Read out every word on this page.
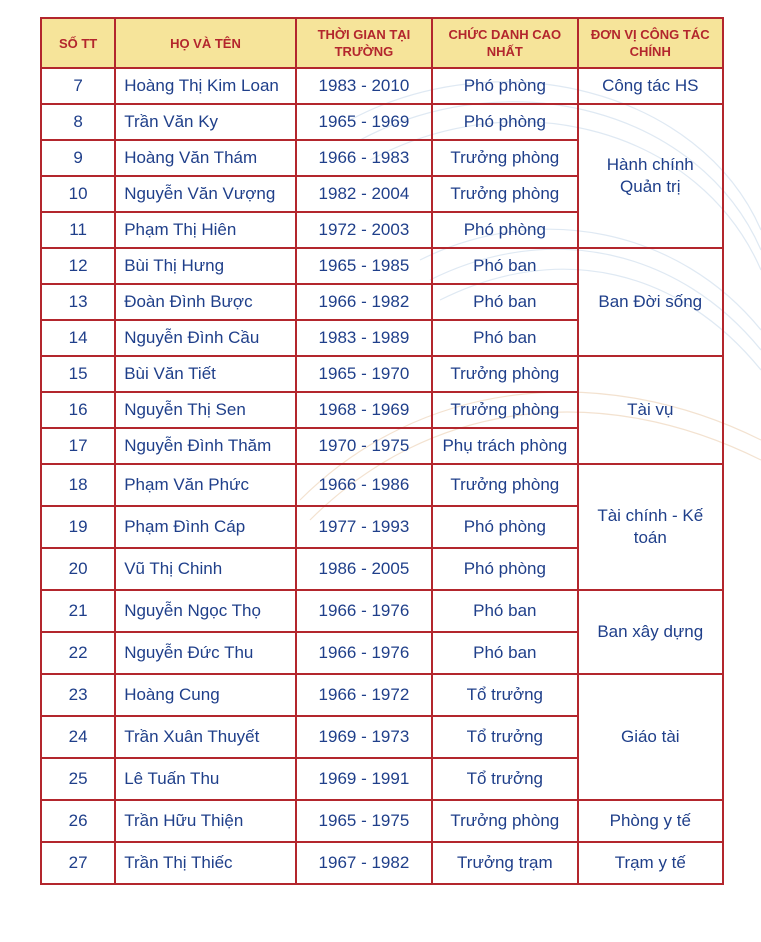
SỐ TT	HỌ VÀ TÊN	THỜI GIAN TẠI TRƯỜNG	CHỨC DANH CAO NHẤT	ĐƠN VỊ CÔNG TÁC CHÍNH
7	Hoàng Thị Kim Loan	1983 - 2010	Phó phòng	Công tác HS
8	Trần Văn Ky	1965 - 1969	Phó phòng	Hành chính Quản trị
9	Hoàng Văn Thám	1966 - 1983	Trưởng phòng	
10	Nguyễn Văn Vượng	1982 - 2004	Trưởng phòng	
11	Phạm Thị Hiên	1972 - 2003	Phó phòng	
12	Bùi Thị Hưng	1965 - 1985	Phó ban	Ban Đời sống
13	Đoàn Đình Bược	1966 - 1982	Phó ban	
14	Nguyễn Đình Cầu	1983 - 1989	Phó ban	
15	Bùi Văn Tiết	1965 - 1970	Trưởng phòng	Tài vụ
16	Nguyễn Thị Sen	1968 - 1969	Trưởng phòng	
17	Nguyễn Đình Thăm	1970 - 1975	Phụ trách phòng	
18	Phạm Văn Phức	1966 - 1986	Trưởng phòng	Tài chính - Kế toán
19	Phạm Đình Cáp	1977 - 1993	Phó phòng	
20	Vũ Thị Chinh	1986 - 2005	Phó phòng	
21	Nguyễn Ngọc Thọ	1966 - 1976	Phó ban	Ban xây dựng
22	Nguyễn Đức Thu	1966 - 1976	Phó ban	
23	Hoàng Cung	1966 - 1972	Tổ trưởng	Giáo tài
24	Trần Xuân Thuyết	1969 - 1973	Tổ trưởng	
25	Lê Tuấn Thu	1969 - 1991	Tổ trưởng	
26	Trần Hữu Thiện	1965 - 1975	Trưởng phòng	Phòng y tế
27	Trần Thị Thiếc	1967 - 1982	Trưởng trạm	Trạm y tế
